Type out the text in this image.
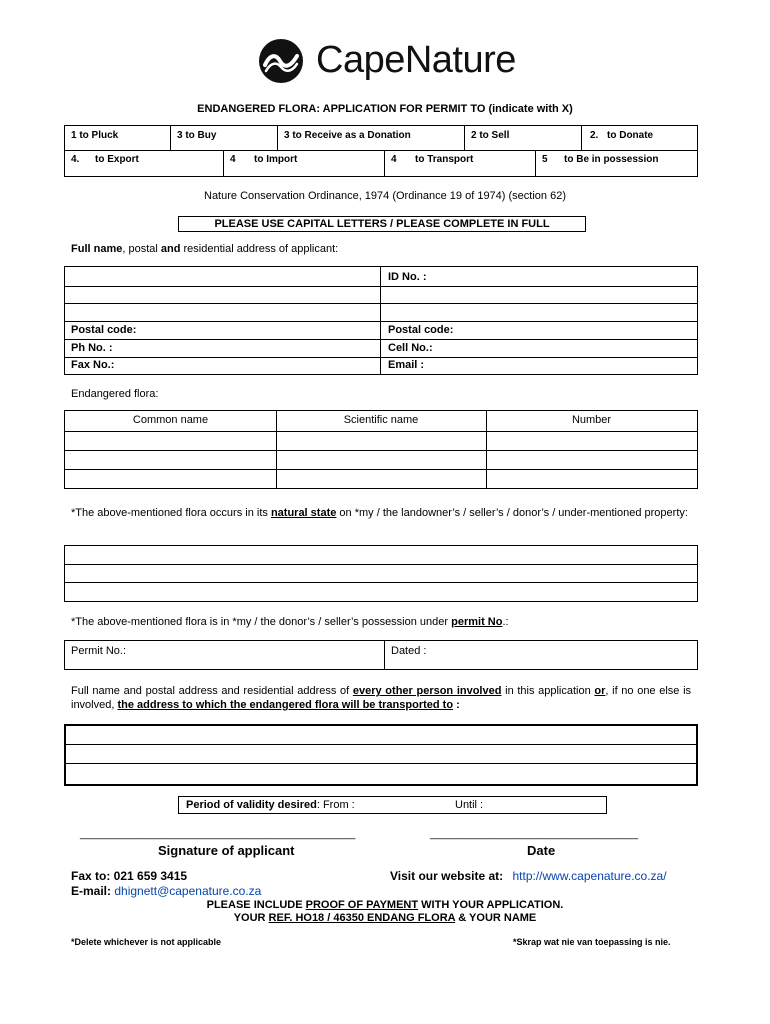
CapeNature
ENDANGERED FLORA: APPLICATION FOR PERMIT TO (indicate with X)
1 to Pluck	3 to Buy	3 to Receive as a Donation	2 to Sell	2. to Donate
4. to Export	4 to Import	4 to Transport	5 to Be in possession
Nature Conservation Ordinance, 1974 (Ordinance 19 of 1974) (section 62)
PLEASE USE CAPITAL LETTERS / PLEASE COMPLETE IN FULL
Full name, postal and residential address of applicant:
ID No. :
Postal code:	Postal code:
Ph No. :	Cell No.:
Fax No.:	Email :
Endangered flora:
Common name	Scientific name	Number
*The above-mentioned flora occurs in its natural state on *my / the landowner’s / seller’s / donor’s / under-mentioned property:
*The above-mentioned flora is in *my / the donor’s / seller’s possession under permit No.:
Permit No.:	Dated :
Full name and postal address and residential address of every other person involved in this application or, if no one else is involved, the address to which the endangered flora will be transported to :
Period of validity desired: From :	Until :
_____________________________________________	__________________________________
Signature of applicant	Date
Fax to: 021 659 3415	Visit our website at: http://www.capenature.co.za/
E-mail: dhignett@capenature.co.za
PLEASE INCLUDE PROOF OF PAYMENT WITH YOUR APPLICATION.
YOUR REF. HO18 / 46350 ENDANG FLORA & YOUR NAME
*Delete whichever is not applicable	*Skrap wat nie van toepassing is nie.
